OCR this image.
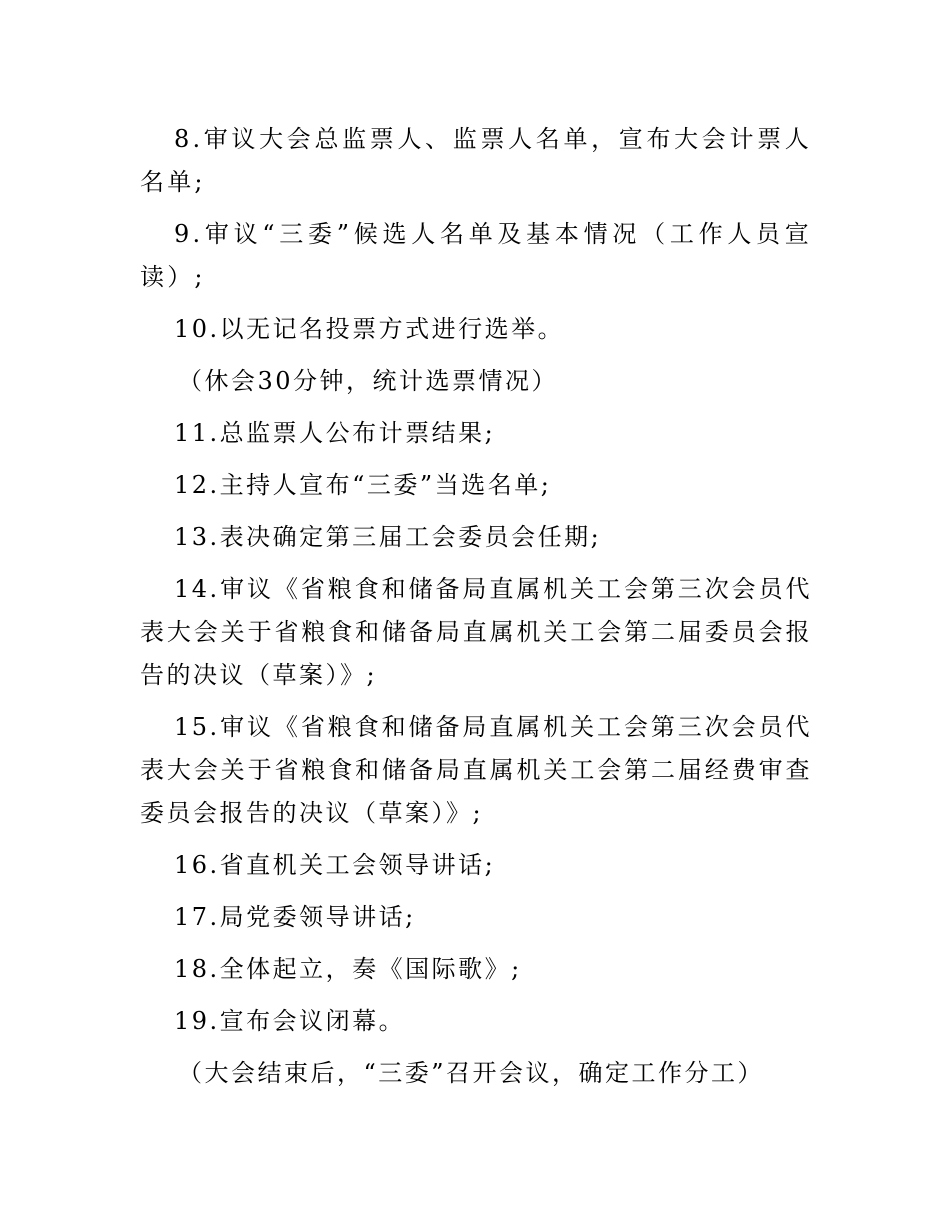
8.审议大会总监票人、监票人名单，宣布大会计票人名单;

9.审议“三委”候选人名单及基本情况（工作人员宣读）;

10.以无记名投票方式进行选举。

（休会30分钟，统计选票情况）

11.总监票人公布计票结果;

12.主持人宣布“三委”当选名单;

13.表决确定第三届工会委员会任期;

14.审议《省粮食和储备局直属机关工会第三次会员代表大会关于省粮食和储备局直属机关工会第二届委员会报告的决议（草案）》;

15.审议《省粮食和储备局直属机关工会第三次会员代表大会关于省粮食和储备局直属机关工会第二届经费审查委员会报告的决议（草案）》;

16.省直机关工会领导讲话;

17.局党委领导讲话;

18.全体起立，奏《国际歌》;

19.宣布会议闭幕。

（大会结束后，“三委”召开会议，确定工作分工）
